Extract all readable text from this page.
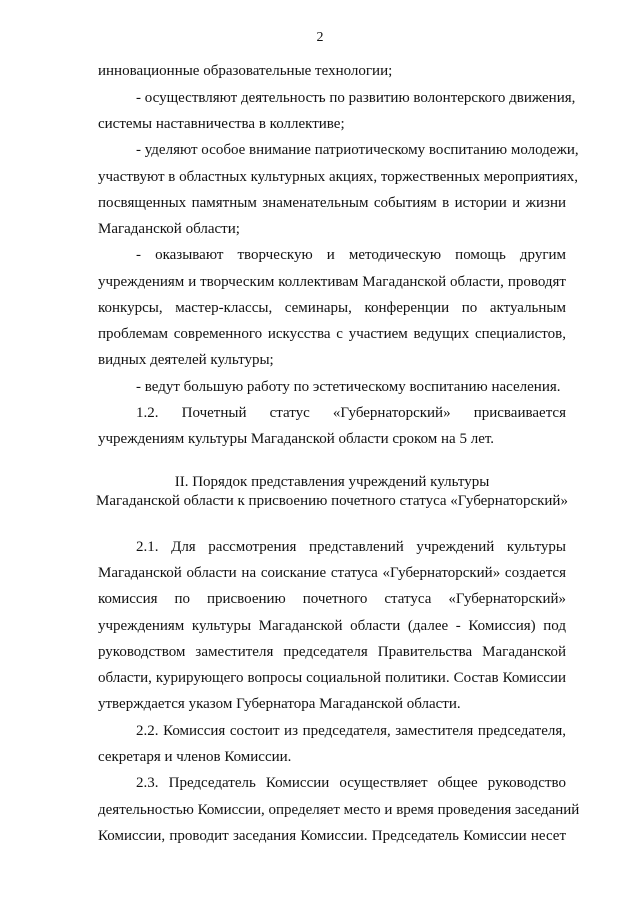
2
инновационные образовательные технологии;
- осуществляют деятельность по развитию волонтерского движения,
системы наставничества в коллективе;
- уделяют особое внимание патриотическому воспитанию молодежи,
участвуют в областных культурных акциях, торжественных мероприятиях,
посвященных памятным знаменательным событиям в истории и жизни
Магаданской области;
- оказывают творческую и методическую помощь другим
учреждениям и творческим коллективам Магаданской области, проводят
конкурсы, мастер-классы, семинары, конференции по актуальным
проблемам современного искусства с участием ведущих специалистов,
видных деятелей культуры;
- ведут большую работу по эстетическому воспитанию населения.
1.2. Почетный статус «Губернаторский» присваивается
учреждениям культуры Магаданской области сроком на 5 лет.
II. Порядок представления учреждений культуры
Магаданской области к присвоению почетного статуса «Губернаторский»
2.1. Для рассмотрения представлений учреждений культуры
Магаданской области на соискание статуса «Губернаторский» создается
комиссия по присвоению почетного статуса «Губернаторский»
учреждениям культуры Магаданской области (далее - Комиссия) под
руководством заместителя председателя Правительства Магаданской
области, курирующего вопросы социальной политики. Состав Комиссии
утверждается указом Губернатора Магаданской области.
2.2. Комиссия состоит из председателя, заместителя председателя,
секретаря и членов Комиссии.
2.3. Председатель Комиссии осуществляет общее руководство
деятельностью Комиссии, определяет место и время проведения заседаний
Комиссии, проводит заседания Комиссии. Председатель Комиссии несет
